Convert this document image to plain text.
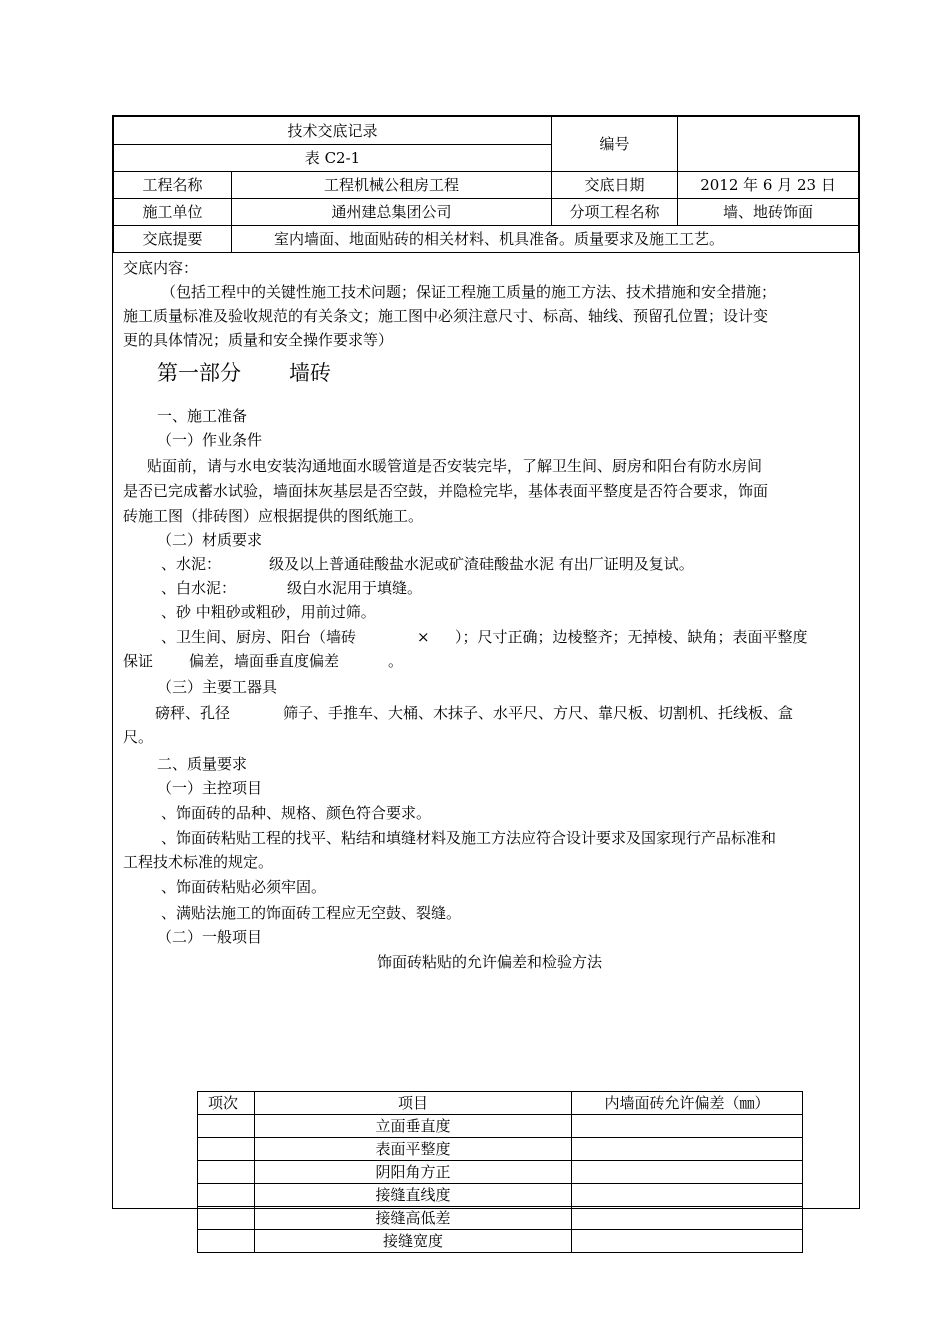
技术交底记录		编号	
表 C2-1			
工程名称	工程机械公租房工程	交底日期	2012 年 6 月 23 日
施工单位	通州建总集团公司	分项工程名称	墙、地砖饰面
交底提要	室内墙面、地面贴砖的相关材料、机具准备。质量要求及施工工艺。		
交底内容：
（包括工程中的关键性施工技术问题；保证工程施工质量的施工方法、技术措施和安全措施；
施工质量标准及验收规范的有关条文；施工图中必须注意尺寸、标高、轴线、预留孔位置；设计变
更的具体情况；质量和安全操作要求等）
第一部分 墙砖
一、施工准备
（一）作业条件
贴面前，请与水电安装沟通地面水暖管道是否安装完毕，了解卫生间、厨房和阳台有防水房间
是否已完成蓄水试验，墙面抹灰基层是否空鼓，并隐检完毕，基体表面平整度是否符合要求，饰面
砖施工图（排砖图）应根据提供的图纸施工。
（二）材质要求
、水泥：	级及以上普通硅酸盐水泥或矿渣硅酸盐水泥 有出厂证明及复试。
、白水泥：	级白水泥用于填缝。
、砂 中粗砂或粗砂，用前过筛。
、卫生间、厨房、阳台（墙砖	× ）；尺寸正确；边棱整齐；无掉棱、缺角；表面平整度
保证 偏差，墙面垂直度偏差	。
（三）主要工器具
磅秤、孔径	筛子、手推车、大桶、木抹子、水平尺、方尺、靠尺板、切割机、托线板、盒
尺。
二、质量要求
（一）主控项目
、饰面砖的品种、规格、颜色符合要求。
、饰面砖粘贴工程的找平、粘结和填缝材料及施工方法应符合设计要求及国家现行产品标准和
工程技术标准的规定。
、饰面砖粘贴必须牢固。
、满贴法施工的饰面砖工程应无空鼓、裂缝。
（二）一般项目
饰面砖粘贴的允许偏差和检验方法
项次	项目	内墙面砖允许偏差（㎜）
	立面垂直度	
	表面平整度	
	阴阳角方正	
	接缝直线度	
	接缝高低差	
	接缝宽度	
